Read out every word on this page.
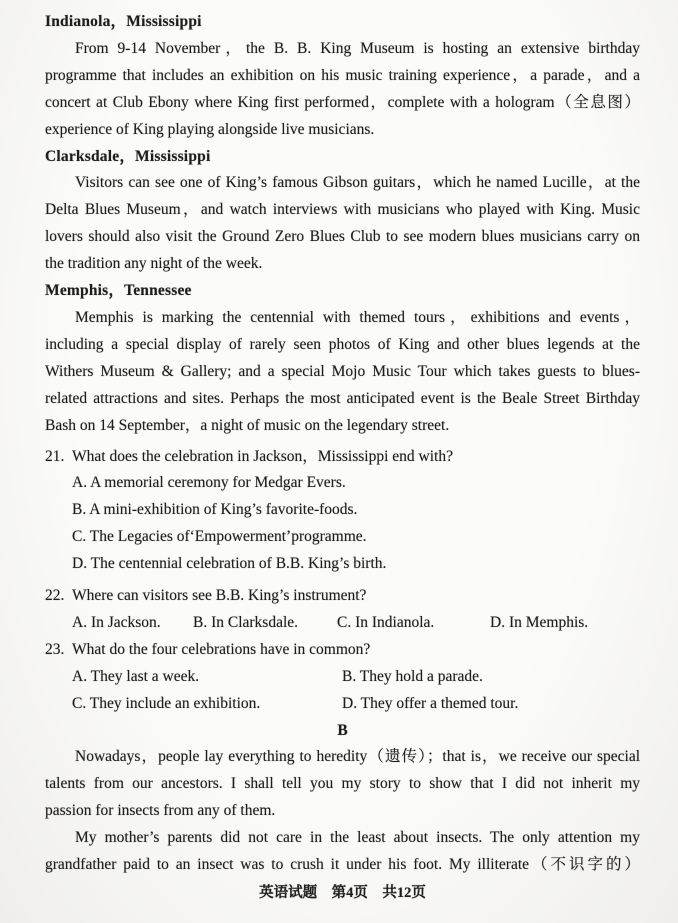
Indianola，Mississippi
From 9-14 November，the B. B. King Museum is hosting an extensive birthday
programme that includes an exhibition on his music training experience，a parade，and a
concert at Club Ebony where King first performed，complete with a hologram（全息图）
experience of King playing alongside live musicians.
Clarksdale，Mississippi
Visitors can see one of King’s famous Gibson guitars，which he named Lucille，at the
Delta Blues Museum，and watch interviews with musicians who played with King. Music
lovers should also visit the Ground Zero Blues Club to see modern blues musicians carry on
the tradition any night of the week.
Memphis，Tennessee
Memphis is marking the centennial with themed tours，exhibitions and events，
including a special display of rarely seen photos of King and other blues legends at the
Withers Museum & Gallery; and a special Mojo Music Tour which takes guests to blues-
related attractions and sites. Perhaps the most anticipated event is the Beale Street Birthday
Bash on 14 September，a night of music on the legendary street.
21. What does the celebration in Jackson，Mississippi end with?
A. A memorial ceremony for Medgar Evers.
B. A mini-exhibition of King’s favorite-foods.
C. The Legacies of‘Empowerment’programme.
D. The centennial celebration of B.B. King’s birth.
22. Where can visitors see B.B. King’s instrument?
A. In Jackson.	B. In Clarksdale.	C. In Indianola.	D. In Memphis.
23. What do the four celebrations have in common?
A. They last a week.	B. They hold a parade.
C. They include an exhibition.	D. They offer a themed tour.
B
Nowadays，people lay everything to heredity（遗传）；that is，we receive our special
talents from our ancestors. I shall tell you my story to show that I did not inherit my
passion for insects from any of them.
My mother’s parents did not care in the least about insects. The only attention my
grandfather paid to an insect was to crush it under his foot. My illiterate（不识字的）
英语试题　第4页　共12页
